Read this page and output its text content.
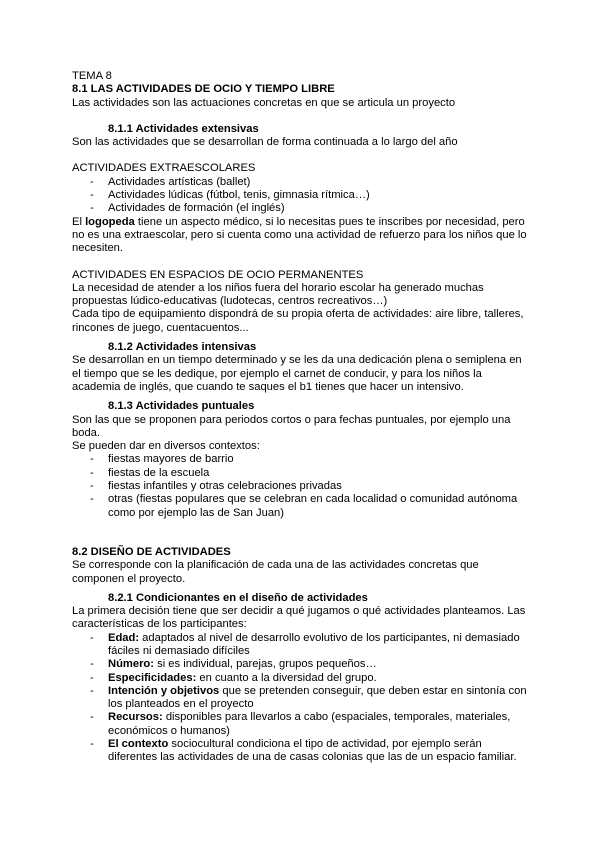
TEMA 8

8.1 LAS ACTIVIDADES DE OCIO Y TIEMPO LIBRE

Las actividades son las actuaciones concretas en que se articula un proyecto

8.1.1 Actividades extensivas

Son las actividades que se desarrollan de forma continuada a lo largo del año

ACTIVIDADES EXTRAESCOLARES

- Actividades artísticas (ballet)
- Actividades lúdicas (fútbol, tenis, gimnasia rítmica…)
- Actividades de formación (el inglés)

El logopeda tiene un aspecto médico, si lo necesitas pues te inscribes por necesidad, pero no es una extraescolar, pero si cuenta como una actividad de refuerzo para los niños que lo necesiten.

ACTIVIDADES EN ESPACIOS DE OCIO PERMANENTES

La necesidad de atender a los niños fuera del horario escolar ha generado muchas propuestas lúdico-educativas (ludotecas, centros recreativos…)

Cada tipo de equipamiento dispondrá de su propia oferta de actividades: aire libre, talleres, rincones de juego, cuentacuentos...

8.1.2 Actividades intensivas

Se desarrollan en un tiempo determinado y se les da una dedicación plena o semiplena en el tiempo que se les dedique, por ejemplo el carnet de conducir, y para los niños la academia de inglés, que cuando te saques el b1 tienes que hacer un intensivo.

8.1.3 Actividades puntuales

Son las que se proponen para periodos cortos o para fechas puntuales, por ejemplo una boda.

Se pueden dar en diversos contextos:

- fiestas mayores de barrio
- fiestas de la escuela
- fiestas infantiles y otras celebraciones privadas
- otras (fiestas populares que se celebran en cada localidad o comunidad autónoma como por ejemplo las de San Juan)

8.2 DISEÑO DE ACTIVIDADES

Se corresponde con la planificación de cada una de las actividades concretas que componen el proyecto.

8.2.1 Condicionantes en el diseño de actividades

La primera decisión tiene que ser decidir a qué jugamos o qué actividades planteamos. Las características de los participantes:

- Edad: adaptados al nivel de desarrollo evolutivo de los participantes, ni demasiado fáciles ni demasiado difíciles
- Número: si es individual, parejas, grupos pequeños…
- Especificidades: en cuanto a la diversidad del grupo.
- Intención y objetivos que se pretenden conseguir, que deben estar en sintonía con los planteados en el proyecto
- Recursos: disponibles para llevarlos a cabo (espaciales, temporales, materiales, económicos o humanos)
- El contexto sociocultural condiciona el tipo de actividad, por ejemplo serán diferentes las actividades de una de casas colonias que las de un espacio familiar.
